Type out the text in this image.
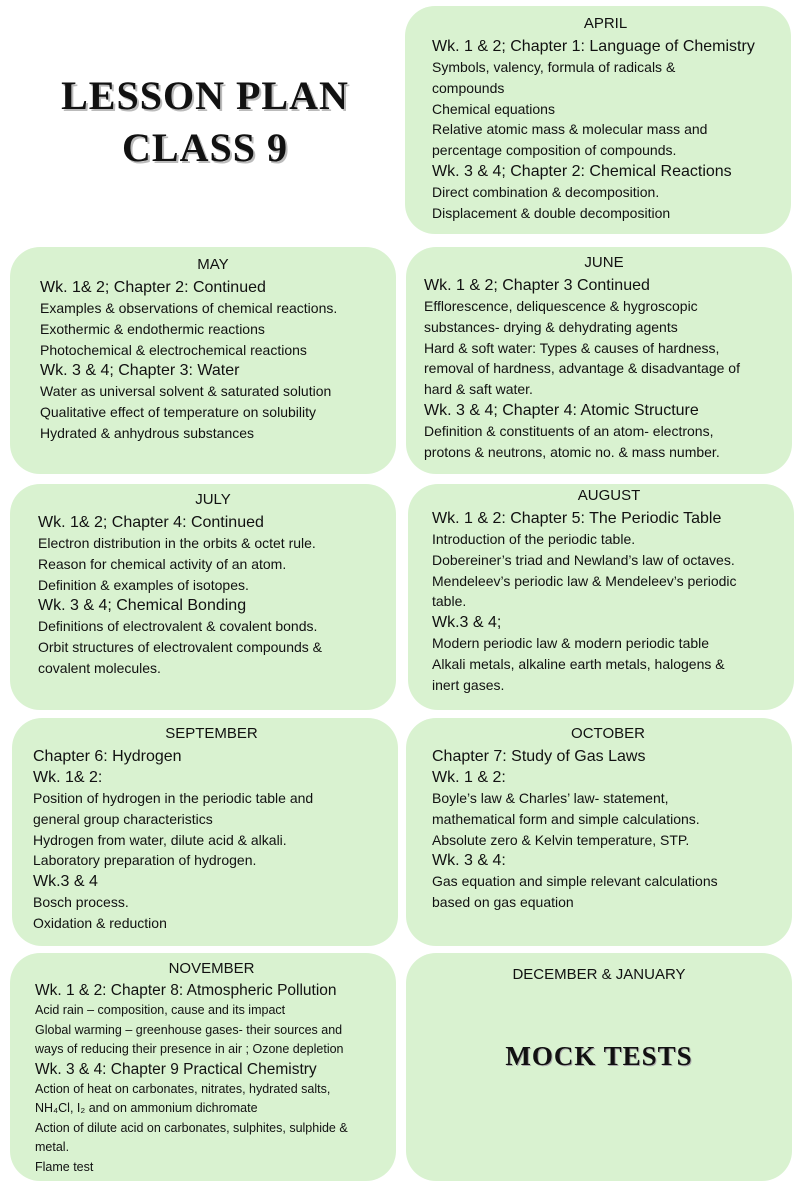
LESSON PLAN
CLASS 9
APRIL
Wk. 1 & 2; Chapter 1: Language of Chemistry
Symbols, valency, formula of radicals &
compounds
Chemical equations
Relative atomic mass & molecular mass and
percentage composition of compounds.
Wk. 3 & 4; Chapter 2: Chemical Reactions
Direct combination & decomposition.
Displacement & double decomposition
MAY
Wk. 1& 2; Chapter 2: Continued
Examples & observations of chemical reactions.
Exothermic & endothermic reactions
Photochemical & electrochemical reactions
Wk. 3 & 4; Chapter 3: Water
Water as universal solvent & saturated solution
Qualitative effect of temperature on solubility
Hydrated & anhydrous substances
JUNE
Wk. 1 & 2; Chapter 3 Continued
Efflorescence, deliquescence & hygroscopic
substances- drying & dehydrating agents
Hard & soft water: Types & causes of hardness,
removal of hardness, advantage & disadvantage of
hard & saft water.
Wk. 3 & 4; Chapter 4: Atomic Structure
Definition & constituents of an atom- electrons,
protons & neutrons, atomic no. & mass number.
JULY
Wk. 1& 2; Chapter 4: Continued
Electron distribution in the orbits & octet rule.
Reason for chemical activity of an atom.
Definition & examples of isotopes.
Wk. 3 & 4; Chemical Bonding
Definitions of electrovalent & covalent bonds.
Orbit structures of electrovalent compounds &
covalent molecules.
AUGUST
Wk. 1 & 2: Chapter 5: The Periodic Table
Introduction of the periodic table.
Dobereiner’s triad and Newland’s law of octaves.
Mendeleev’s periodic law & Mendeleev’s periodic
table.
Wk.3 & 4;
Modern periodic law & modern periodic table
Alkali metals, alkaline earth metals, halogens &
inert gases.
SEPTEMBER
Chapter 6: Hydrogen
Wk. 1& 2:
Position of hydrogen in the periodic table and
general group characteristics
Hydrogen from water, dilute acid & alkali.
Laboratory preparation of hydrogen.
Wk.3 & 4
Bosch process.
Oxidation & reduction
OCTOBER
Chapter 7: Study of Gas Laws
Wk. 1 & 2:
Boyle’s law & Charles’ law- statement,
mathematical form and simple calculations.
Absolute zero & Kelvin temperature, STP.
Wk. 3 & 4:
Gas equation and simple relevant calculations
based on gas equation
NOVEMBER
Wk. 1 & 2: Chapter 8: Atmospheric Pollution
Acid rain – composition, cause and its impact
Global warming – greenhouse gases- their sources and
ways of reducing their presence in air ; Ozone depletion
Wk. 3 & 4: Chapter 9 Practical Chemistry
Action of heat on carbonates, nitrates, hydrated salts,
NH₄Cl, I₂ and on ammonium dichromate
Action of dilute acid on carbonates, sulphites, sulphide &
metal.
Flame test
DECEMBER & JANUARY
MOCK TESTS
